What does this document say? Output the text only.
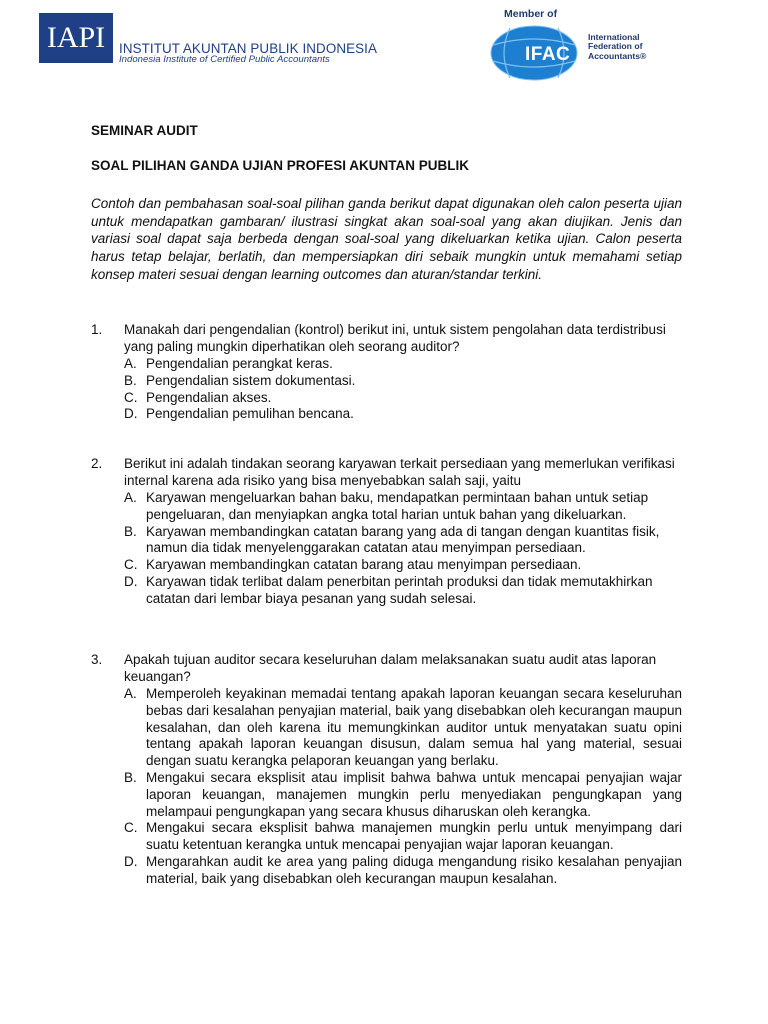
IAPI	INSTITUT AKUNTAN PUBLIK INDONESIA
Indonesia Institute of Certified Public Accountants
Member of
IFAC
International Federation of Accountants®
SEMINAR AUDIT
SOAL PILIHAN GANDA UJIAN PROFESI AKUNTAN PUBLIK
Contoh dan pembahasan soal-soal pilihan ganda berikut dapat digunakan oleh calon peserta ujian untuk mendapatkan gambaran/ ilustrasi singkat akan soal-soal yang akan diujikan. Jenis dan variasi soal dapat saja berbeda dengan soal-soal yang dikeluarkan ketika ujian. Calon peserta harus tetap belajar, berlatih, dan mempersiapkan diri sebaik mungkin untuk memahami setiap konsep materi sesuai dengan learning outcomes dan aturan/standar terkini.
1. Manakah dari pengendalian (kontrol) berikut ini, untuk sistem pengolahan data terdistribusi yang paling mungkin diperhatikan oleh seorang auditor?
A. Pengendalian perangkat keras.
B. Pengendalian sistem dokumentasi.
C. Pengendalian akses.
D. Pengendalian pemulihan bencana.
2. Berikut ini adalah tindakan seorang karyawan terkait persediaan yang memerlukan verifikasi internal karena ada risiko yang bisa menyebabkan salah saji, yaitu
A. Karyawan mengeluarkan bahan baku, mendapatkan permintaan bahan untuk setiap pengeluaran, dan menyiapkan angka total harian untuk bahan yang dikeluarkan.
B. Karyawan membandingkan catatan barang yang ada di tangan dengan kuantitas fisik, namun dia tidak menyelenggarakan catatan atau menyimpan persediaan.
C. Karyawan membandingkan catatan barang atau menyimpan persediaan.
D. Karyawan tidak terlibat dalam penerbitan perintah produksi dan tidak memutakhirkan catatan dari lembar biaya pesanan yang sudah selesai.
3. Apakah tujuan auditor secara keseluruhan dalam melaksanakan suatu audit atas laporan keuangan?
A. Memperoleh keyakinan memadai tentang apakah laporan keuangan secara keseluruhan bebas dari kesalahan penyajian material, baik yang disebabkan oleh kecurangan maupun kesalahan, dan oleh karena itu memungkinkan auditor untuk menyatakan suatu opini tentang apakah laporan keuangan disusun, dalam semua hal yang material, sesuai dengan suatu kerangka pelaporan keuangan yang berlaku.
B. Mengakui secara eksplisit atau implisit bahwa bahwa untuk mencapai penyajian wajar laporan keuangan, manajemen mungkin perlu menyediakan pengungkapan yang melampaui pengungkapan yang secara khusus diharuskan oleh kerangka.
C. Mengakui secara eksplisit bahwa manajemen mungkin perlu untuk menyimpang dari suatu ketentuan kerangka untuk mencapai penyajian wajar laporan keuangan.
D. Mengarahkan audit ke area yang paling diduga mengandung risiko kesalahan penyajian material, baik yang disebabkan oleh kecurangan maupun kesalahan.
